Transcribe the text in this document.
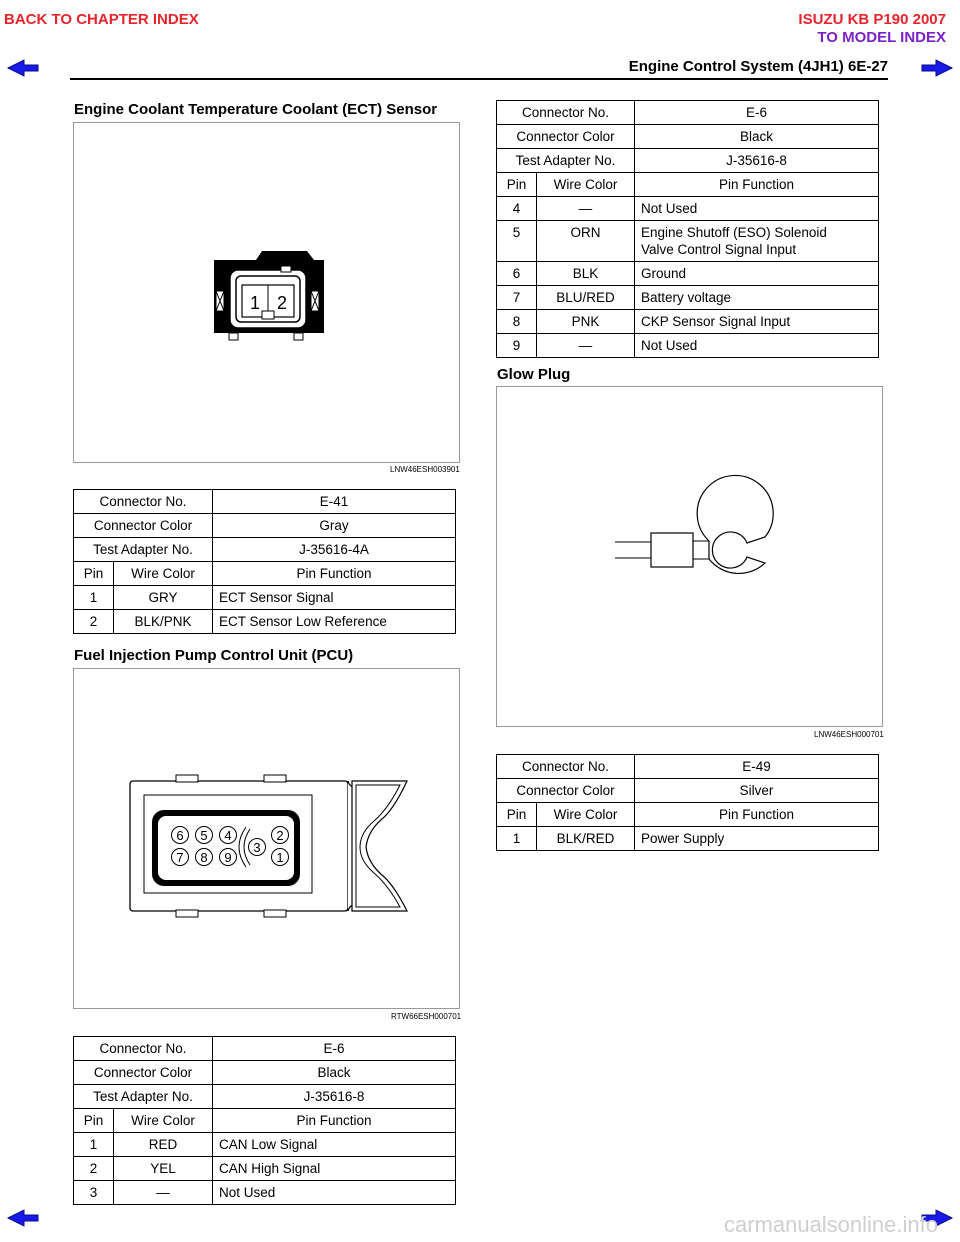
BACK TO CHAPTER INDEX	ISUZU KB P190 2007
TO MODEL INDEX
Engine Control System (4JH1) 6E-27
Engine Coolant Temperature Coolant (ECT) Sensor
1 2
LNW46ESH003901
Connector No.		E-41
Connector Color		Gray
Test Adapter No.		J-35616-4A
Pin	Wire Color	Pin Function
1	GRY	ECT Sensor Signal
2	BLK/PNK	ECT Sensor Low Reference
Fuel Injection Pump Control Unit (PCU)
6 5 4	2
3
7 8 9	1
RTW66ESH000701
Connector No.		E-6
Connector Color		Black
Test Adapter No.		J-35616-8
Pin	Wire Color	Pin Function
1	RED	CAN Low Signal
2	YEL	CAN High Signal
3	—	Not Used
Connector No.		E-6
Connector Color		Black
Test Adapter No.		J-35616-8
Pin	Wire Color	Pin Function
4	—	Not Used
5	ORN	Engine Shutoff (ESO) Solenoid
Valve Control Signal Input

6	BLK	Ground
7	BLU/RED	Battery voltage
8	PNK	CKP Sensor Signal Input
9	—	Not Used
Glow Plug
LNW46ESH000701
Connector No.		E-49
Connector Color		Silver
Pin	Wire Color	Pin Function
1	BLK/RED	Power Supply
carmanualsonline.info
